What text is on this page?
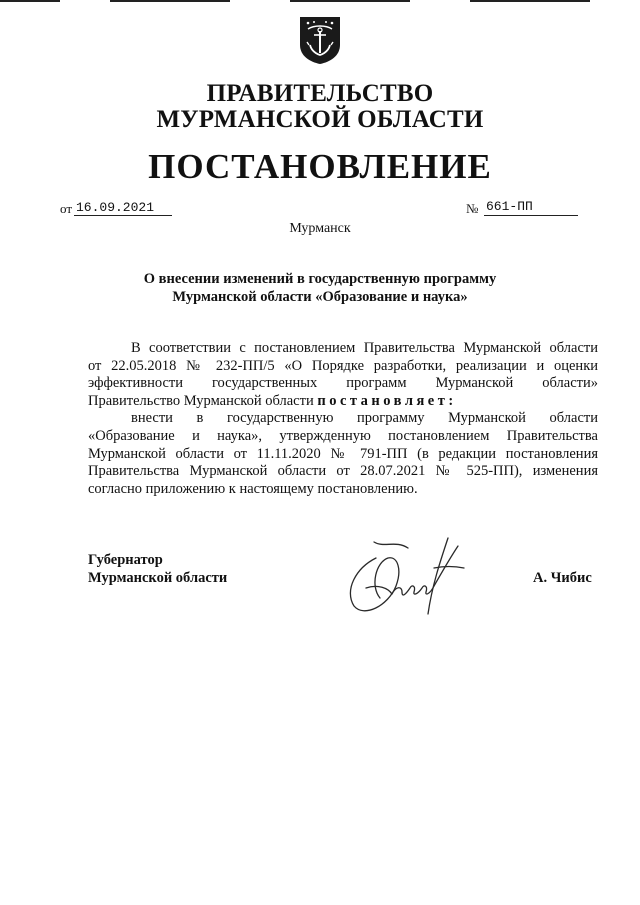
ПРАВИТЕЛЬСТВО
МУРМАНСКОЙ ОБЛАСТИ
ПОСТАНОВЛЕНИЕ
от 16.09.2021	№ 661-ПП
Мурманск
О внесении изменений в государственную программу
Мурманской области «Образование и наука»
В соответствии с постановлением Правительства Мурманской области
от 22.05.2018 № 232-ПП/5 «О Порядке разработки, реализации и оценки
эффективности государственных программ Мурманской области»
Правительство Мурманской области постановляет:
внести в государственную программу Мурманской области
«Образование и наука», утвержденную постановлением Правительства
Мурманской области от 11.11.2020 № 791-ПП (в редакции постановления
Правительства Мурманской области от 28.07.2021 № 525-ПП), изменения
согласно приложению к настоящему постановлению.
Губернатор
Мурманской области	А. Чибис
